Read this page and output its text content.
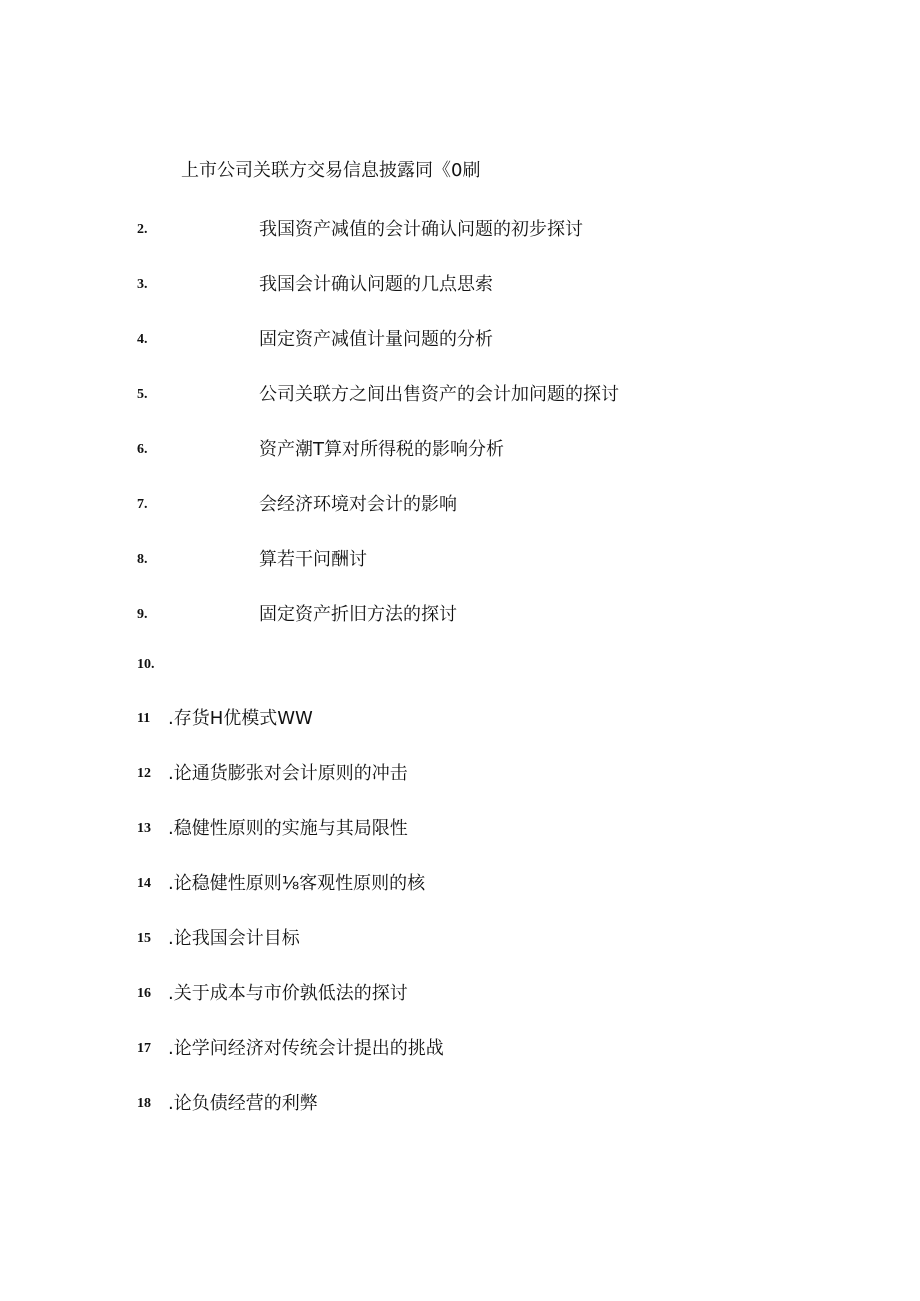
上市公司关联方交易信息披露同《0刷
2.	我国资产减值的会计确认问题的初步探讨
3.	我国会计确认问题的几点思索
4.	固定资产减值计量问题的分析
5.	公司关联方之间出售资产的会计加问题的探讨
6.	资产潮T算对所得税的影响分析
7.	会经济环境对会计的影响
8.	算若干问酬讨
9.	固定资产折旧方法的探讨
10.
11 .存货H优模式WW
12 .论通货膨张对会计原则的冲击
13 .稳健性原则的实施与其局限性
14 .论稳健性原则⅛客观性原则的核
15 .论我国会计目标
16 .关于成本与市价孰低法的探讨
17 .论学问经济对传统会计提出的挑战
18 .论负债经营的利弊
